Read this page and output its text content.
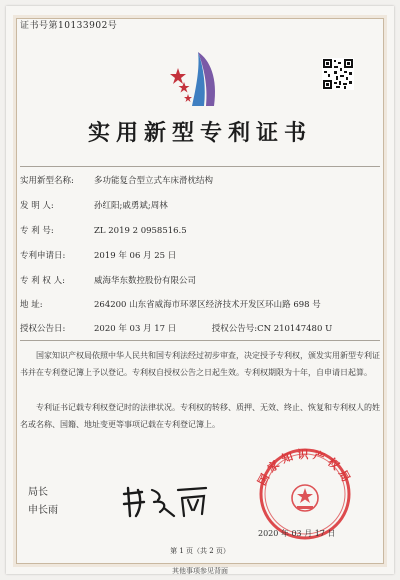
证书号第10133902号
实用新型专利证书
实用新型名称: 多功能复合型立式车床滑枕结构
发 明 人:	孙红阳;戚勇斌;周林
专 利 号:	ZL 2019 2 0958516.5
专利申请日:	2019 年 06 月 25 日
专 利 权 人:	威海华东数控股份有限公司
地 址:	264200 山东省威海市环翠区经济技术开发区环山路 698 号
授权公告日:	2020 年 03 月 17 日	授权公告号:CN 210147480 U
国家知识产权局依照中华人民共和国专利法经过初步审查，决定授予专利权，颁发实用新型专利证书并在专利登记簿上予以登记。专利权自授权公告之日起生效。专利权期限为十年，自申请日起算。
专利证书记载专利权登记时的法律状况。专利权的转移、质押、无效、终止、恢复和专利权人的姓名或名称、国籍、地址变更等事项记载在专利登记簿上。
局长
申长雨
国家知识产权局
2020 年 03 月 17 日
第 1 页（共 2 页）
其他事项参见背面
